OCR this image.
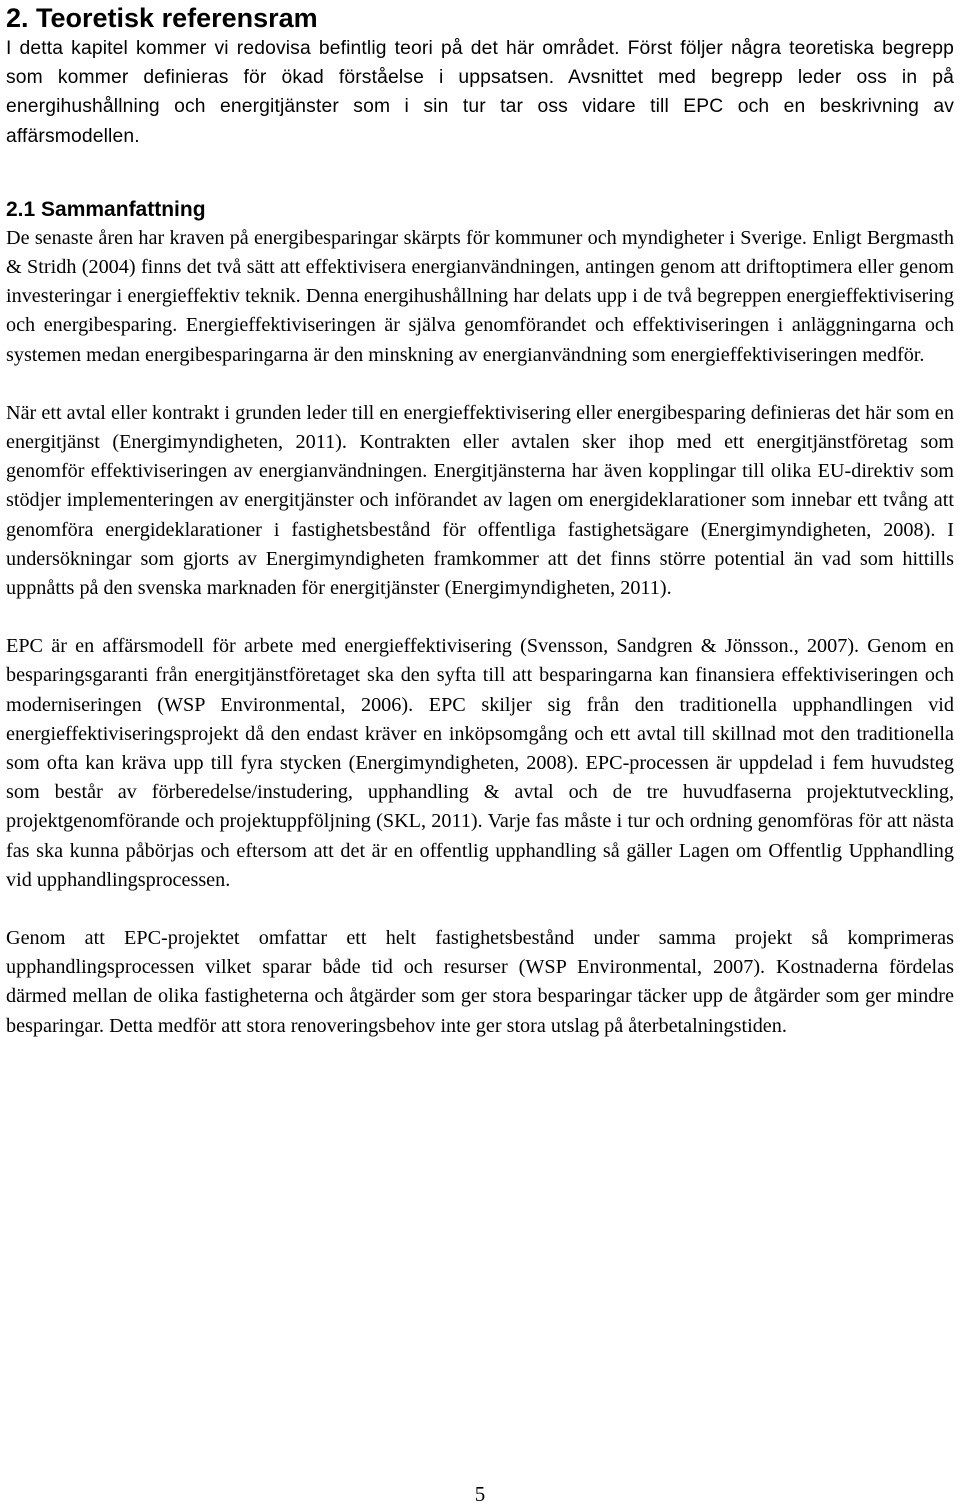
2. Teoretisk referensram

I detta kapitel kommer vi redovisa befintlig teori på det här området. Först följer några teoretiska begrepp som kommer definieras för ökad förståelse i uppsatsen. Avsnittet med begrepp leder oss in på energihushållning och energitjänster som i sin tur tar oss vidare till EPC och en beskrivning av affärsmodellen.

2.1 Sammanfattning

De senaste åren har kraven på energibesparingar skärpts för kommuner och myndigheter i Sverige. Enligt Bergmasth & Stridh (2004) finns det två sätt att effektivisera energianvändningen, antingen genom att driftoptimera eller genom investeringar i energieffektiv teknik. Denna energihushållning har delats upp i de två begreppen energieffektivisering och energibesparing. Energieffektiviseringen är själva genomförandet och effektiviseringen i anläggningarna och systemen medan energibesparingarna är den minskning av energianvändning som energieffektiviseringen medför.

När ett avtal eller kontrakt i grunden leder till en energieffektivisering eller energibesparing definieras det här som en energitjänst (Energimyndigheten, 2011). Kontrakten eller avtalen sker ihop med ett energitjänstföretag som genomför effektiviseringen av energianvändningen. Energitjänsterna har även kopplingar till olika EU-direktiv som stödjer implementeringen av energitjänster och införandet av lagen om energideklarationer som innebar ett tvång att genomföra energideklarationer i fastighetsbestånd för offentliga fastighetsägare (Energimyndigheten, 2008). I undersökningar som gjorts av Energimyndigheten framkommer att det finns större potential än vad som hittills uppnåtts på den svenska marknaden för energitjänster (Energimyndigheten, 2011).

EPC är en affärsmodell för arbete med energieffektivisering (Svensson, Sandgren & Jönsson., 2007). Genom en besparingsgaranti från energitjänstföretaget ska den syfta till att besparingarna kan finansiera effektiviseringen och moderniseringen (WSP Environmental, 2006). EPC skiljer sig från den traditionella upphandlingen vid energieffektiviseringsprojekt då den endast kräver en inköpsomgång och ett avtal till skillnad mot den traditionella som ofta kan kräva upp till fyra stycken (Energimyndigheten, 2008). EPC-processen är uppdelad i fem huvudsteg som består av förberedelse/instudering, upphandling & avtal och de tre huvudfaserna projektutveckling, projektgenomförande och projektuppföljning (SKL, 2011). Varje fas måste i tur och ordning genomföras för att nästa fas ska kunna påbörjas och eftersom att det är en offentlig upphandling så gäller Lagen om Offentlig Upphandling vid upphandlingsprocessen.

Genom att EPC-projektet omfattar ett helt fastighetsbestånd under samma projekt så komprimeras upphandlingsprocessen vilket sparar både tid och resurser (WSP Environmental, 2007). Kostnaderna fördelas därmed mellan de olika fastigheterna och åtgärder som ger stora besparingar täcker upp de åtgärder som ger mindre besparingar. Detta medför att stora renoveringsbehov inte ger stora utslag på återbetalningstiden.

5
